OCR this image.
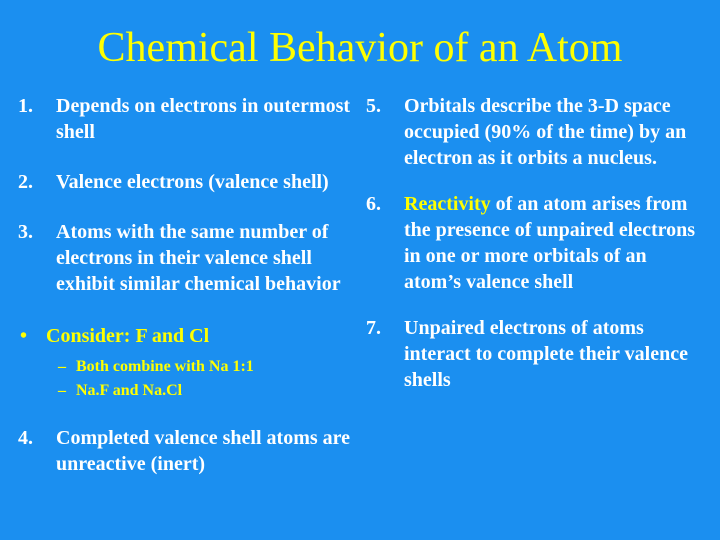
Chemical Behavior of an Atom
1. Depends on electrons in outermost shell
2. Valence electrons (valence shell)
3. Atoms with the same number of electrons in their valence shell exhibit similar chemical behavior
• Consider: F and Cl
– Both combine with Na 1:1
– Na.F and Na.Cl
4. Completed valence shell atoms are unreactive (inert)
5. Orbitals describe the 3-D space occupied (90% of the time) by an electron as it orbits a nucleus.
6. Reactivity of an atom arises from the presence of unpaired electrons in one or more orbitals of an atom’s valence shell
7. Unpaired electrons of atoms interact to complete their valence shells
